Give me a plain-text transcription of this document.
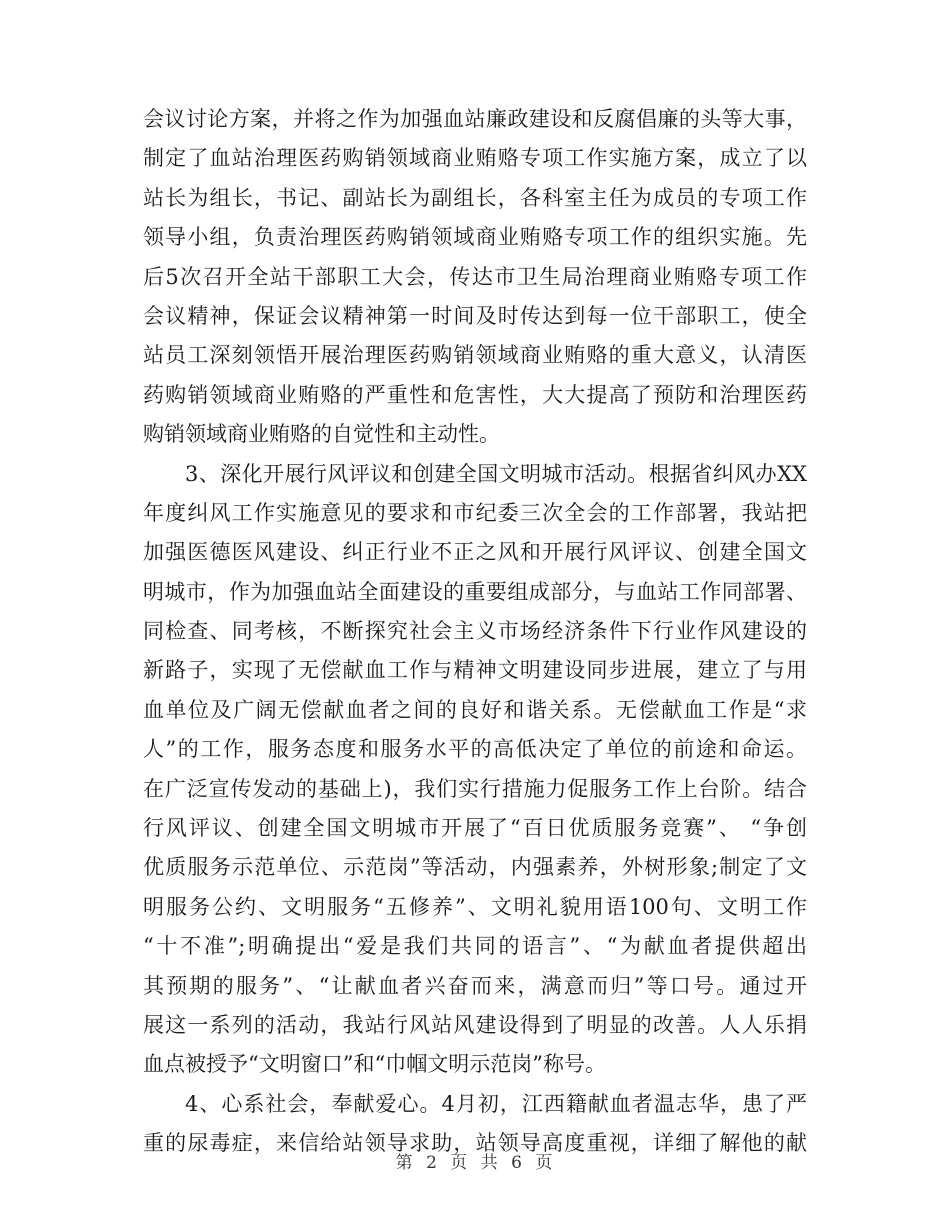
会议讨论方案，并将之作为加强血站廉政建设和反腐倡廉的头等大事，
制定了血站治理医药购销领域商业贿赂专项工作实施方案，成立了以
站长为组长，书记、副站长为副组长，各科室主任为成员的专项工作
领导小组，负责治理医药购销领域商业贿赂专项工作的组织实施。先
后5次召开全站干部职工大会，传达市卫生局治理商业贿赂专项工作
会议精神，保证会议精神第一时间及时传达到每一位干部职工，使全
站员工深刻领悟开展治理医药购销领域商业贿赂的重大意义，认清医
药购销领域商业贿赂的严重性和危害性，大大提高了预防和治理医药
购销领域商业贿赂的自觉性和主动性。
3、深化开展行风评议和创建全国文明城市活动。根据省纠风办XX
年度纠风工作实施意见的要求和市纪委三次全会的工作部署，我站把
加强医德医风建设、纠正行业不正之风和开展行风评议、创建全国文
明城市，作为加强血站全面建设的重要组成部分，与血站工作同部署、
同检查、同考核，不断探究社会主义市场经济条件下行业作风建设的
新路子，实现了无偿献血工作与精神文明建设同步进展，建立了与用
血单位及广阔无偿献血者之间的良好和谐关系。无偿献血工作是“求
人”的工作，服务态度和服务水平的高低决定了单位的前途和命运。
在广泛宣传发动的基础上)，我们实行措施力促服务工作上台阶。结合
行风评议、创建全国文明城市开展了“百日优质服务竞赛”、 “争创
优质服务示范单位、示范岗”等活动，内强素养，外树形象;制定了文
明服务公约、文明服务“五修养”、文明礼貌用语100句、文明工作
“十不准”;明确提出“爱是我们共同的语言”、“为献血者提供超出
其预期的服务”、“让献血者兴奋而来，满意而归”等口号。通过开
展这一系列的活动，我站行风站风建设得到了明显的改善。人人乐捐
血点被授予“文明窗口”和“巾帼文明示范岗”称号。
4、心系社会，奉献爱心。4月初，江西籍献血者温志华，患了严
重的尿毒症，来信给站领导求助，站领导高度重视，详细了解他的献
第 2 页 共 6 页
